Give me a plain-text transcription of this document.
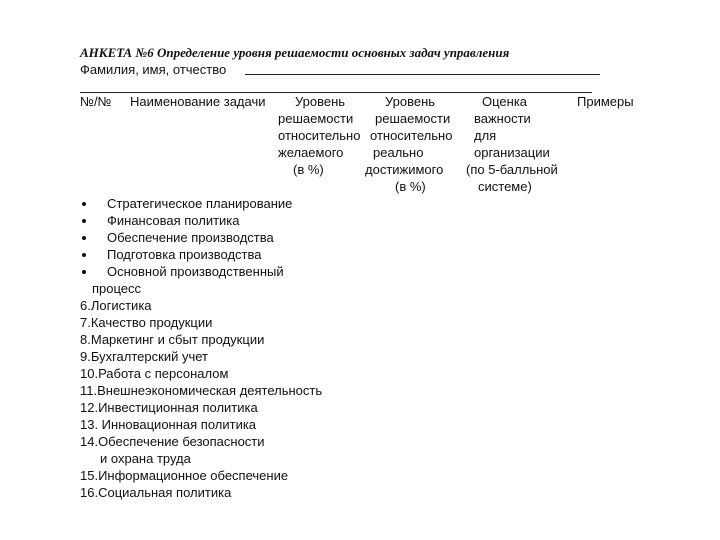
АНКЕТА №6 Определение уровня решаемости основных задач управления
Фамилия, имя, отчество
№/№ Наименование задачи	Уровень
решаемости
относительно
желаемого
(в %)
Уровень
решаемости
относительно
реально
достижимого
(в %)
Оценка
важности
для
организации
(по 5-балльной
системе)
Примеры
Стратегическое планирование
Финансовая политика
Обеспечение производства
Подготовка производства
Основной производственный
процесс
6.Логистика
7.Качество продукции
8.Маркетинг и сбыт продукции
9.Бухгалтерский учет
10.Работа с персоналом
11.Внешнеэкономическая деятельность
12.Инвестиционная политика
13. Инновационная политика
14.Обеспечение безопасности
и охрана труда
15.Информационное обеспечение
16.Социальная политика
